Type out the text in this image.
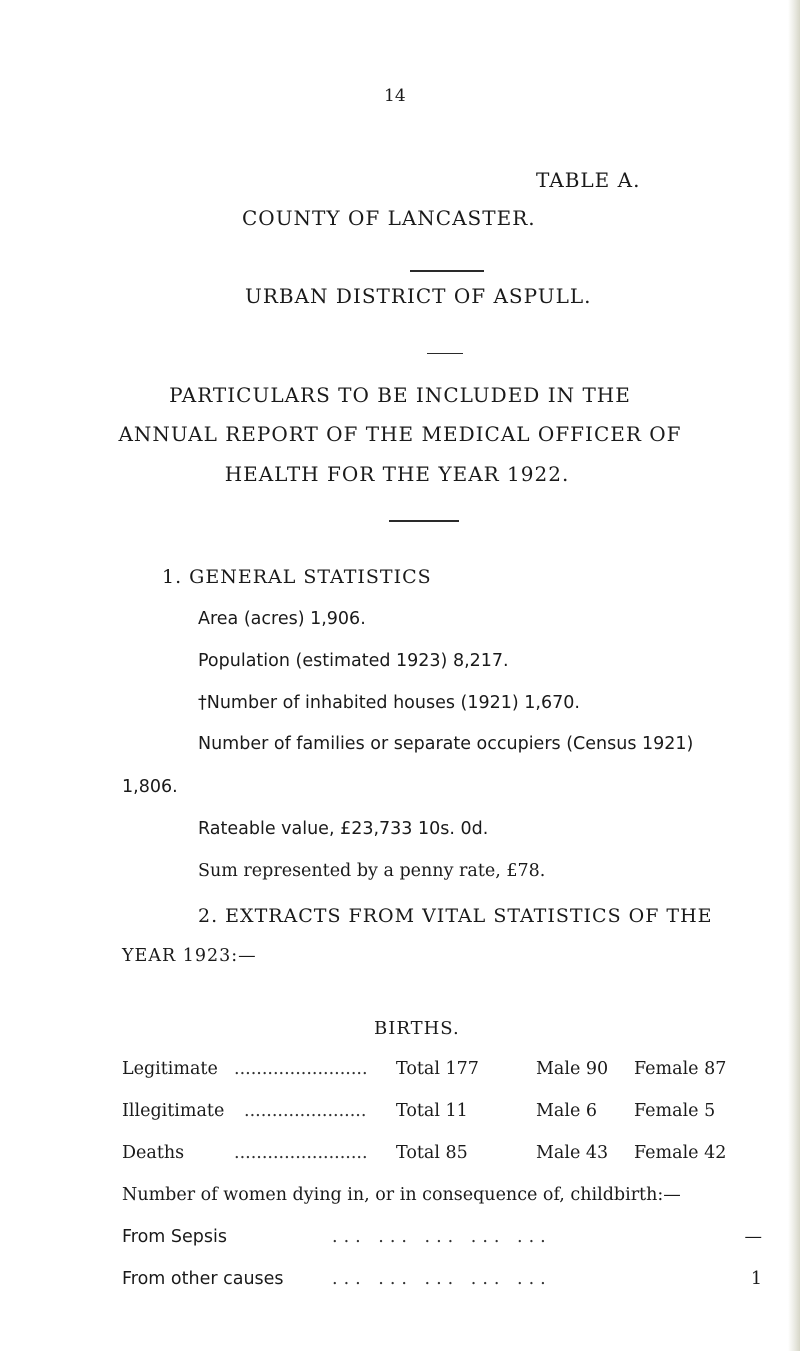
14
TABLE A.
COUNTY OF LANCASTER.
URBAN DISTRICT OF ASPULL.
PARTICULARS TO BE INCLUDED IN THE
ANNUAL REPORT OF THE MEDICAL OFFICER OF
HEALTH FOR THE YEAR 1922.
1. GENERAL STATISTICS
Area (acres) 1,906.
Population (estimated 1923) 8,217.
†Number of inhabited houses (1921) 1,670.
Number of families or separate occupiers (Census 1921)
1,806.
Rateable value, £23,733 10s. 0d.
Sum represented by a penny rate, £78.
2. EXTRACTS FROM VITAL STATISTICS OF THE
YEAR 1923:—
BIRTHS.
Legitimate ........................ Total 177	Male 90 Female 87
Illegitimate ...................... Total 11	Male 6 Female 5
Deaths	........................ Total 85	Male 43 Female 42
Number of women dying in, or in consequence of, childbirth:—
From Sepsis	... ... ... ... ...	—
From other causes	... ... ... ... ...	1
